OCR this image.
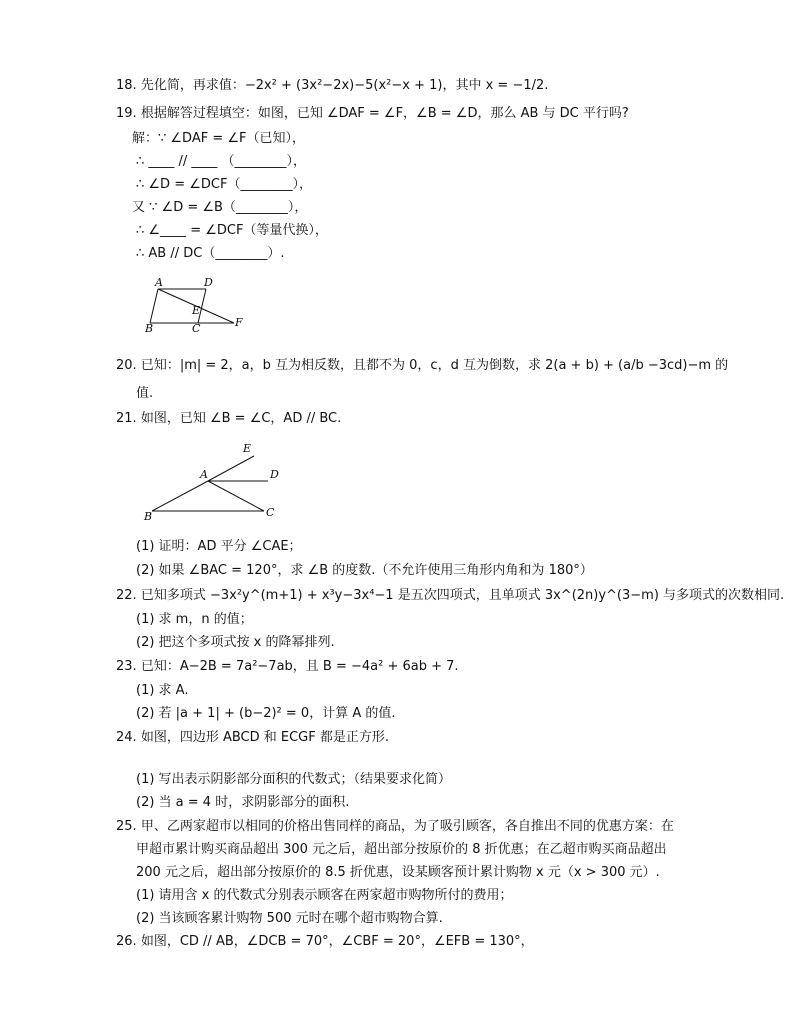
18. 先化简，再求值：−2x² + (3x²−2x)−5(x²−x + 1)，其中 x = −1/2.
19. 根据解答过程填空：如图，已知 ∠DAF = ∠F，∠B = ∠D，那么 AB 与 DC 平行吗?
解：∵ ∠DAF = ∠F（已知），
∴ ____ // ____ （________），
∴ ∠D = ∠DCF（________），
又 ∵ ∠D = ∠B（________），
∴ ∠____ = ∠DCF（等量代换），
∴ AB // DC（________）.
A	D
E
B	C	F
20. 已知：|m| = 2，a，b 互为相反数，且都不为 0，c，d 互为倒数，求 2(a + b) + (a/b −3cd)−m 的
值.
21. 如图，已知 ∠B = ∠C，AD // BC.
E
A	D
B	C
(1) 证明：AD 平分 ∠CAE；
(2) 如果 ∠BAC = 120°，求 ∠B 的度数.（不允许使用三角形内角和为 180°）
22. 已知多项式 −3x²y^(m+1) + x³y−3x⁴−1 是五次四项式，且单项式 3x^(2n)y^(3−m) 与多项式的次数相同.
(1) 求 m，n 的值；
(2) 把这个多项式按 x 的降幂排列.
23. 已知：A−2B = 7a²−7ab，且 B = −4a² + 6ab + 7.
(1) 求 A.
(2) 若 |a + 1| + (b−2)² = 0，计算 A 的值.
24. 如图，四边形 ABCD 和 ECGF 都是正方形.
(1) 写出表示阴影部分面积的代数式；（结果要求化简）
(2) 当 a = 4 时，求阴影部分的面积.
25. 甲、乙两家超市以相同的价格出售同样的商品，为了吸引顾客，各自推出不同的优惠方案：在
甲超市累计购买商品超出 300 元之后，超出部分按原价的 8 折优惠；在乙超市购买商品超出
200 元之后，超出部分按原价的 8.5 折优惠，设某顾客预计累计购物 x 元（x > 300 元）.
(1) 请用含 x 的代数式分别表示顾客在两家超市购物所付的费用；
(2) 当该顾客累计购物 500 元时在哪个超市购物合算.
26. 如图，CD // AB，∠DCB = 70°，∠CBF = 20°，∠EFB = 130°，
